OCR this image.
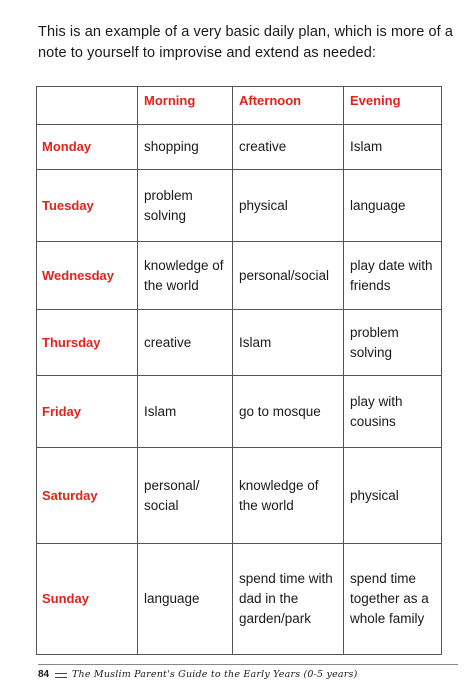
This is an example of a very basic daily plan, which is more of a note to yourself to improvise and extend as needed:
	Morning	Afternoon	Evening
Monday	shopping	creative	Islam
Tuesday	problem solving	physical	language
Wednesday	knowledge of the world	personal/social	play date with friends
Thursday	creative	Islam	problem solving
Friday	Islam	go to mosque	play with cousins
Saturday	personal/ social	knowledge of the world	physical
Sunday	language	spend time with dad in the garden/park	spend time together as a whole family
84 The Muslim Parent's Guide to the Early Years (0-5 years)
